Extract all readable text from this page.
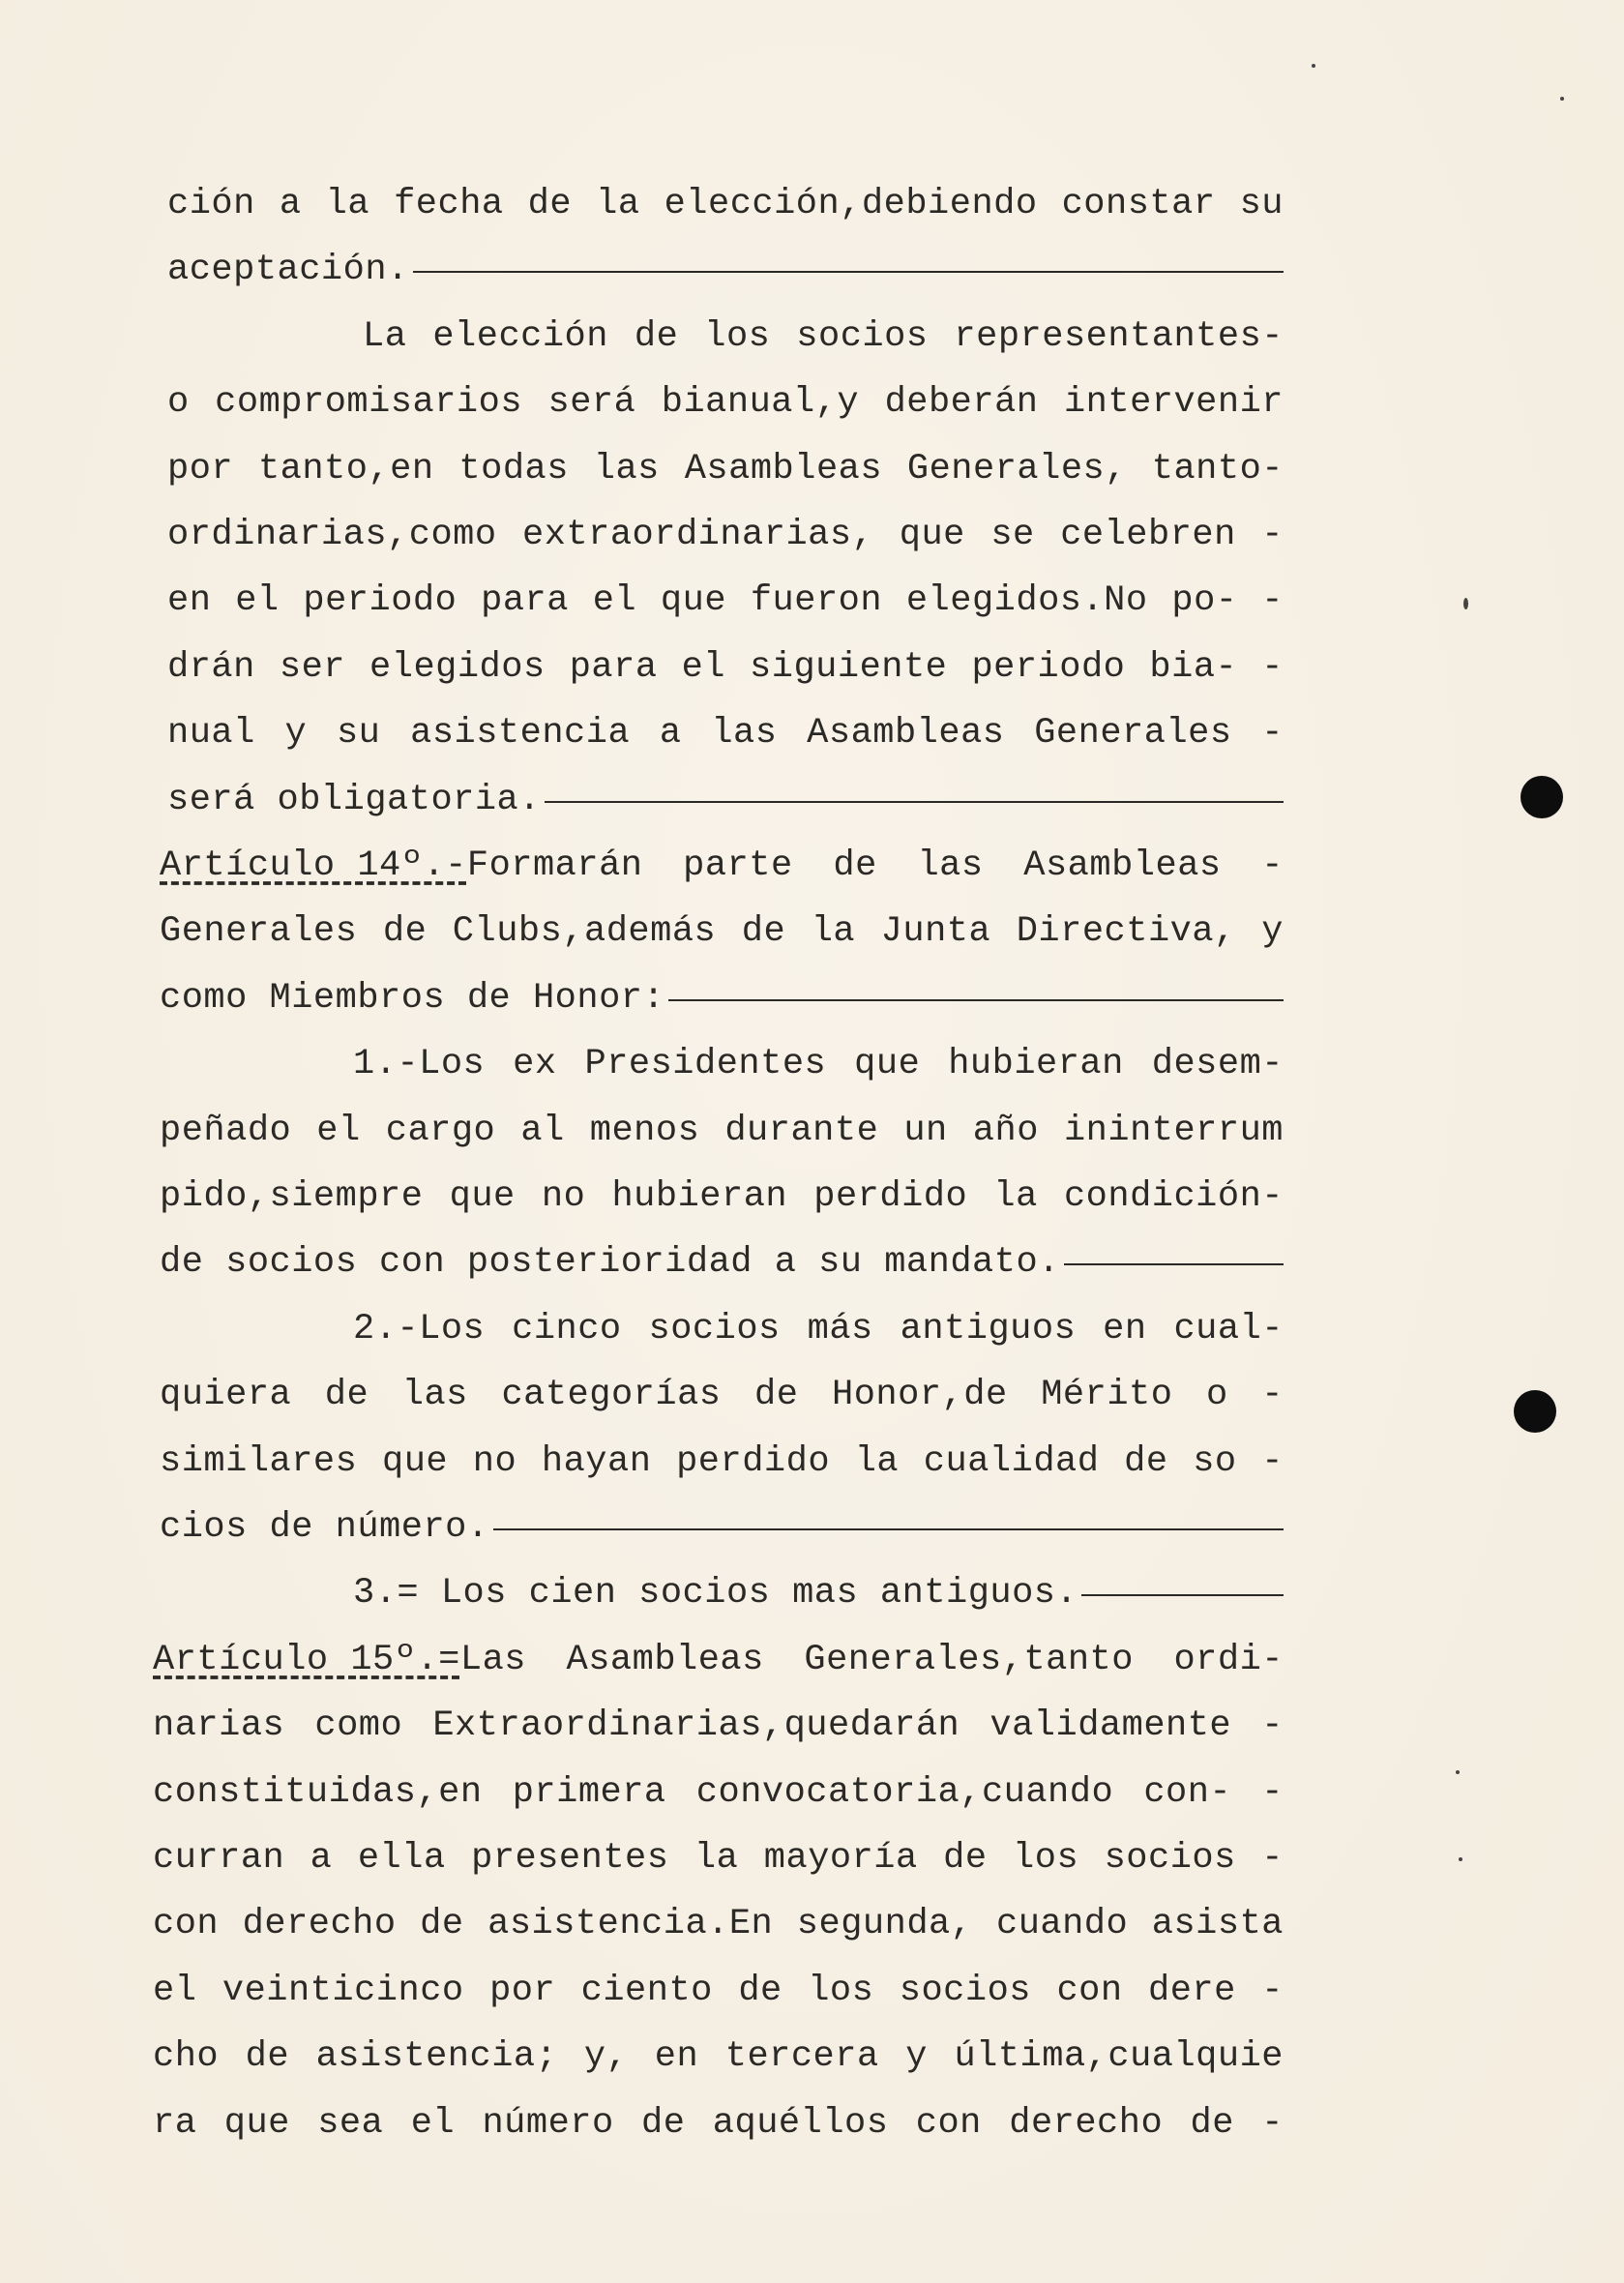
ción a la fecha de la elección,debiendo constar su
aceptación.
La elección de los socios representantes-
o compromisarios será bianual,y deberán intervenir
por tanto,en todas las Asambleas Generales, tanto-
ordinarias,como extraordinarias, que se celebren -
en el periodo para el que fueron elegidos.No po- -
drán ser elegidos para el siguiente periodo bia- -
nual y su asistencia a las Asambleas Generales -
será obligatoria.
Artículo 14º.- Formarán parte de las Asambleas -
Generales de Clubs,además de la Junta Directiva, y
como Miembros de Honor:
1.-Los ex Presidentes que hubieran desem-
peñado el cargo al menos durante un año ininterrum
pido,siempre que no hubieran perdido la condición-
de socios con posterioridad a su mandato.
2.-Los cinco socios más antiguos en cual-
quiera de las categorías de Honor,de Mérito o -
similares que no hayan perdido la cualidad de so -
cios de número.
3.= Los cien socios mas antiguos.
Artículo 15º.= Las Asambleas Generales,tanto ordi-
narias como Extraordinarias,quedarán validamente -
constituidas,en primera convocatoria,cuando con- -
curran a ella presentes la mayoría de los socios -
con derecho de asistencia.En segunda, cuando asista
el veinticinco por ciento de los socios con dere -
cho de asistencia; y, en tercera y última,cualquie
ra que sea el número de aquéllos con derecho de -
